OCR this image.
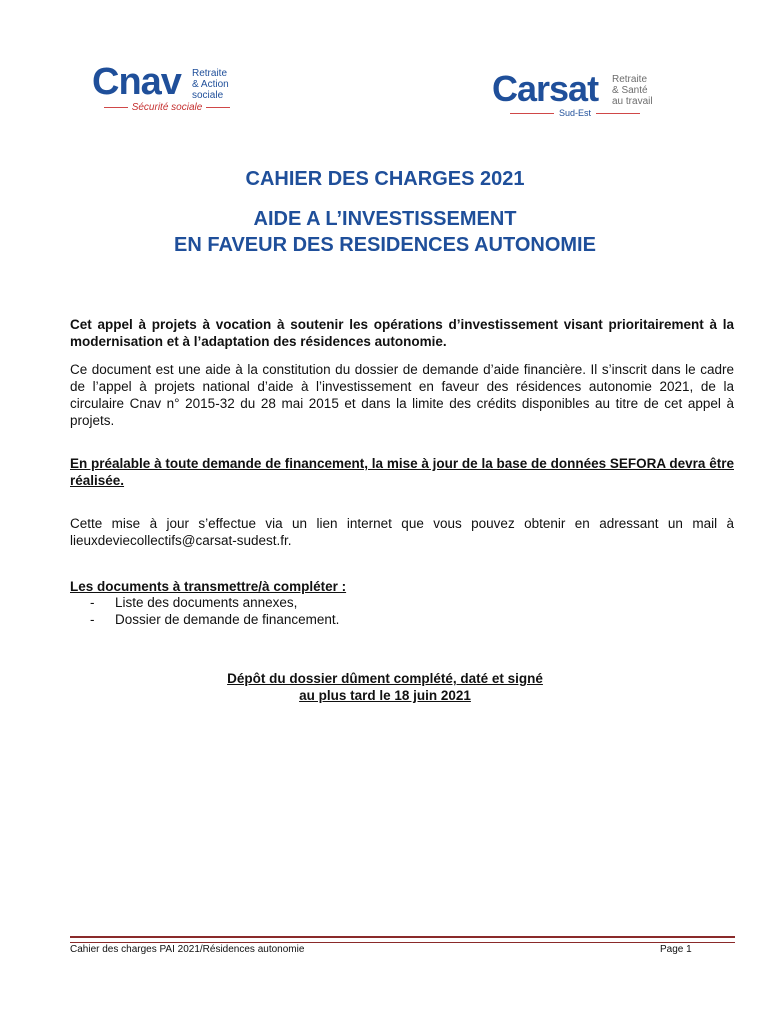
Cnav Retraite
& Action
sociale
Sécurité sociale	Carsat Retraite
& Santé
au travail
Sud-Est
CAHIER DES CHARGES 2021
AIDE A L’INVESTISSEMENT
EN FAVEUR DES RESIDENCES AUTONOMIE

Cet appel à projets à vocation à soutenir les opérations d’investissement visant prioritairement à la modernisation et à l’adaptation des résidences autonomie.

Ce document est une aide à la constitution du dossier de demande d’aide financière. Il s’inscrit dans le cadre de l’appel à projets national d’aide à l’investissement en faveur des résidences autonomie 2021, de la circulaire Cnav n° 2015-32 du 28 mai 2015 et dans la limite des crédits disponibles au titre de cet appel à projets.

En préalable à toute demande de financement, la mise à jour de la base de données SEFORA devra être réalisée.

Cette mise à jour s’effectue via un lien internet que vous pouvez obtenir en adressant un mail à lieuxdeviecollectifs@carsat-sudest.fr.

Les documents à transmettre/à compléter :

- Liste des documents annexes,
- Dossier de demande de financement.
Dépôt du dossier dûment complété, daté et signé
au plus tard le 18 juin 2021
Cahier des charges PAI 2021/Résidences autonomie	Page 1
